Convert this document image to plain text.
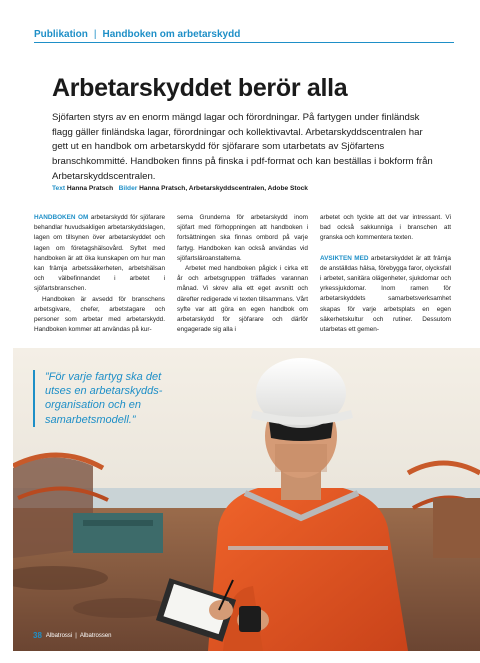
Publikation | Handboken om arbetarskydd
Arbetarskyddet berör alla

Sjöfarten styrs av en enorm mängd lagar och förordningar. På fartygen under finländsk flagg gäller finländska lagar, förordningar och kollektivavtal. Arbetarskyddscentralen har gett ut en handbok om arbetarskydd för sjöfarare som utarbetats av Sjöfartens branschkommitté. Handboken finns på finska i pdf-format och kan beställas i bokform från Arbetarskyddscentralen.

Text Hanna Pratsch Bilder Hanna Pratsch, Arbetarskyddscentralen, Adobe Stock

HANDBOKEN OM arbetarskydd för sjöfarare behandlar huvudsakligen arbetarskyddslagen, lagen om tillsynen över arbetarskyddet och lagen om företagshälsovård. Syftet med handboken är att öka kunskapen om hur man kan främja arbetssäkerheten, arbetshälsan och välbefinnandet i arbetet i sjöfartsbranschen.

Handboken är avsedd för branschens arbetsgivare, chefer, arbetstagare och personer som arbetar med arbetarskydd. Handboken kommer att användas på kur-

serna Grunderna för arbetarskydd inom sjöfart med förhoppningen att handboken i fortsättningen ska finnas ombord på varje fartyg. Handboken kan också användas vid sjöfartsläroanstalterna.

Arbetet med handboken pågick i cirka ett år och arbetsgruppen träffades varannan månad. Vi skrev alla ett eget avsnitt och därefter redigerade vi texten tillsammans. Vårt syfte var att göra en egen handbok om arbetarskydd för sjöfarare och därför engagerade sig alla i

arbetet och tyckte att det var intressant. Vi bad också sakkunniga i branschen att granska och kommentera texten.

AVSIKTEN MED arbetarskyddet är att främja de anställdas hälsa, förebygga faror, olycksfall i arbetet, sanitära olägenheter, sjukdomar och yrkessjukdomar. Inom ramen för arbetarskyddets samarbetsverksamhet skapas för varje arbetsplats en egen säkerhetskultur och rutiner. Dessutom utarbetas ett gemen-

”För varje fartyg ska det utses en arbetarskyddsorganisation och en samarbetsmodell.”
38 Albatrossi | Albatrossen
